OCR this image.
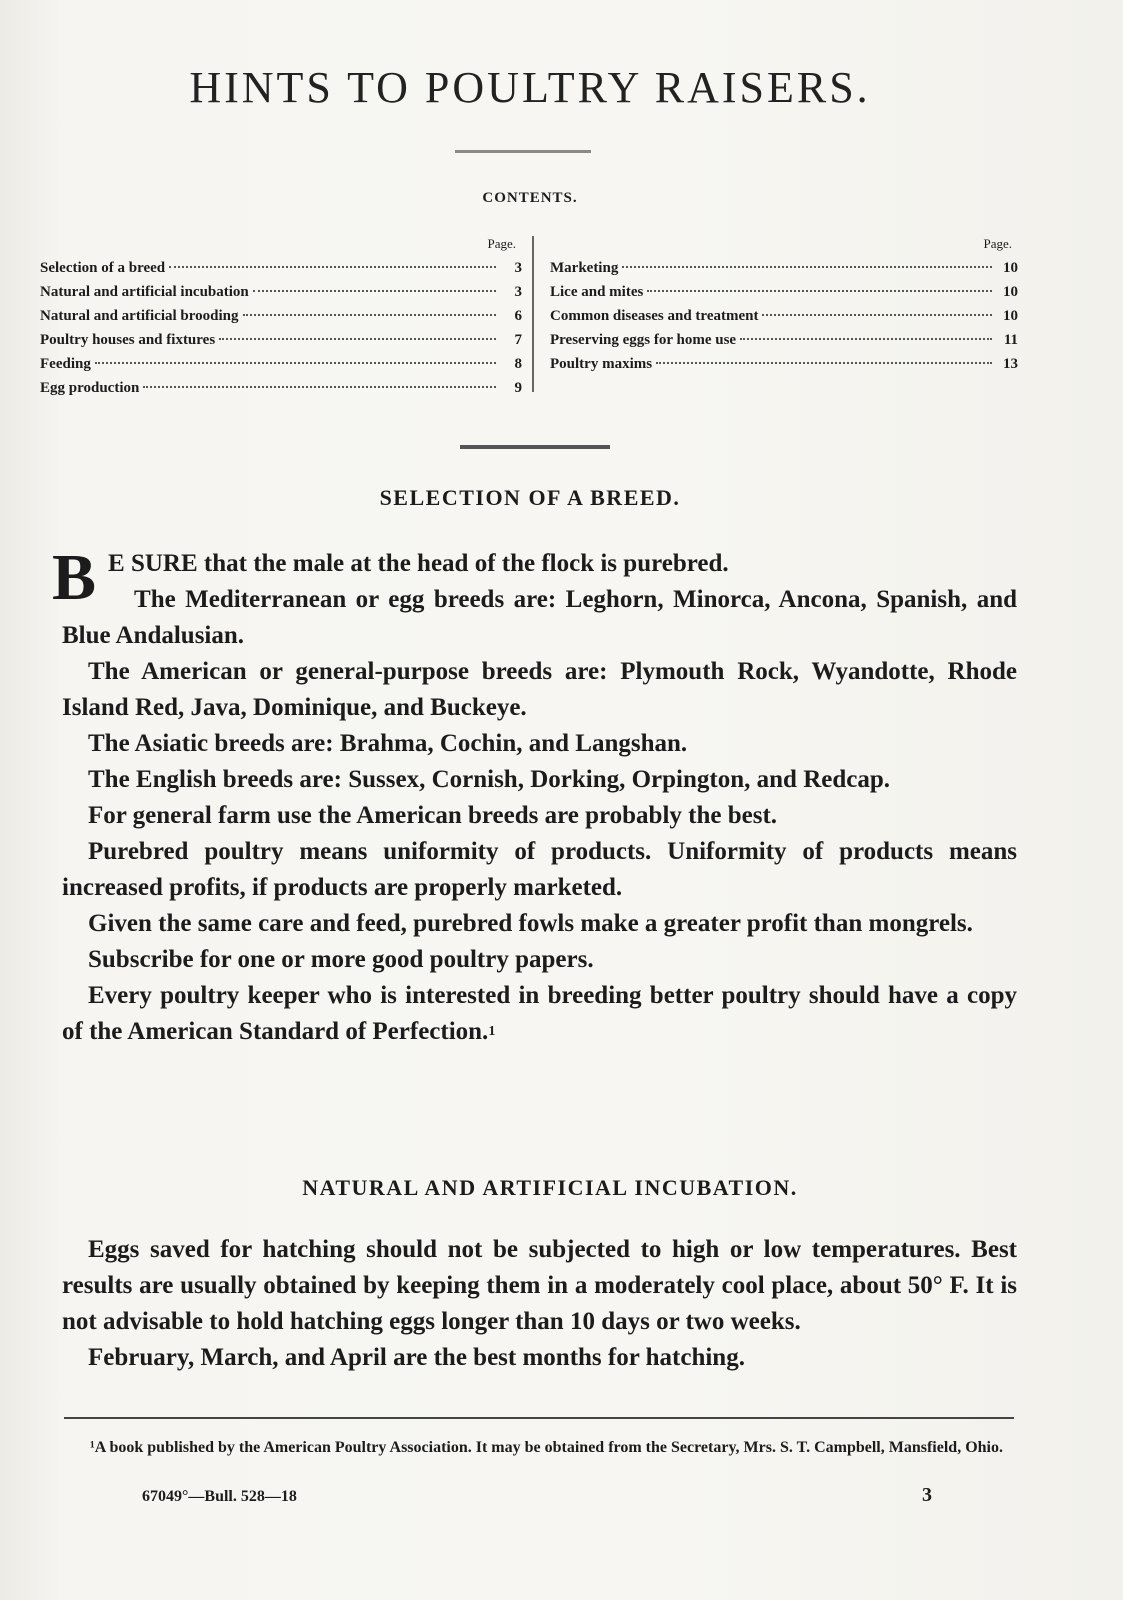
HINTS TO POULTRY RAISERS.
CONTENTS.
Page.
Selection of a breed	3
Natural and artificial incubation	3
Natural and artificial brooding	6
Poultry houses and fixtures	7
Feeding	8
Egg production	9
Page.
Marketing	10
Lice and mites	10
Common diseases and treatment	10
Preserving eggs for home use	11
Poultry maxims	13
SELECTION OF A BREED.

B E SURE that the male at the head of the flock is purebred.

The Mediterranean or egg breeds are: Leghorn, Minorca, Ancona, Spanish, and Blue Andalusian.

The American or general-purpose breeds are: Plymouth Rock, Wyandotte, Rhode Island Red, Java, Dominique, and Buckeye.

The Asiatic breeds are: Brahma, Cochin, and Langshan.

The English breeds are: Sussex, Cornish, Dorking, Orpington, and Redcap.

For general farm use the American breeds are probably the best.

Purebred poultry means uniformity of products. Uniformity of products means increased profits, if products are properly marketed.

Given the same care and feed, purebred fowls make a greater profit than mongrels.

Subscribe for one or more good poultry papers.

Every poultry keeper who is interested in breeding better poultry should have a copy of the American Standard of Perfection.$^1$

NATURAL AND ARTIFICIAL INCUBATION.

Eggs saved for hatching should not be subjected to high or low temperatures. Best results are usually obtained by keeping them in a moderately cool place, about 50° F. It is not advisable to hold hatching eggs longer than 10 days or two weeks.

February, March, and April are the best months for hatching.

¹A book published by the American Poultry Association. It may be obtained from the Secretary, Mrs. S. T. Campbell, Mansfield, Ohio.
67049°—Bull. 528—18	3
